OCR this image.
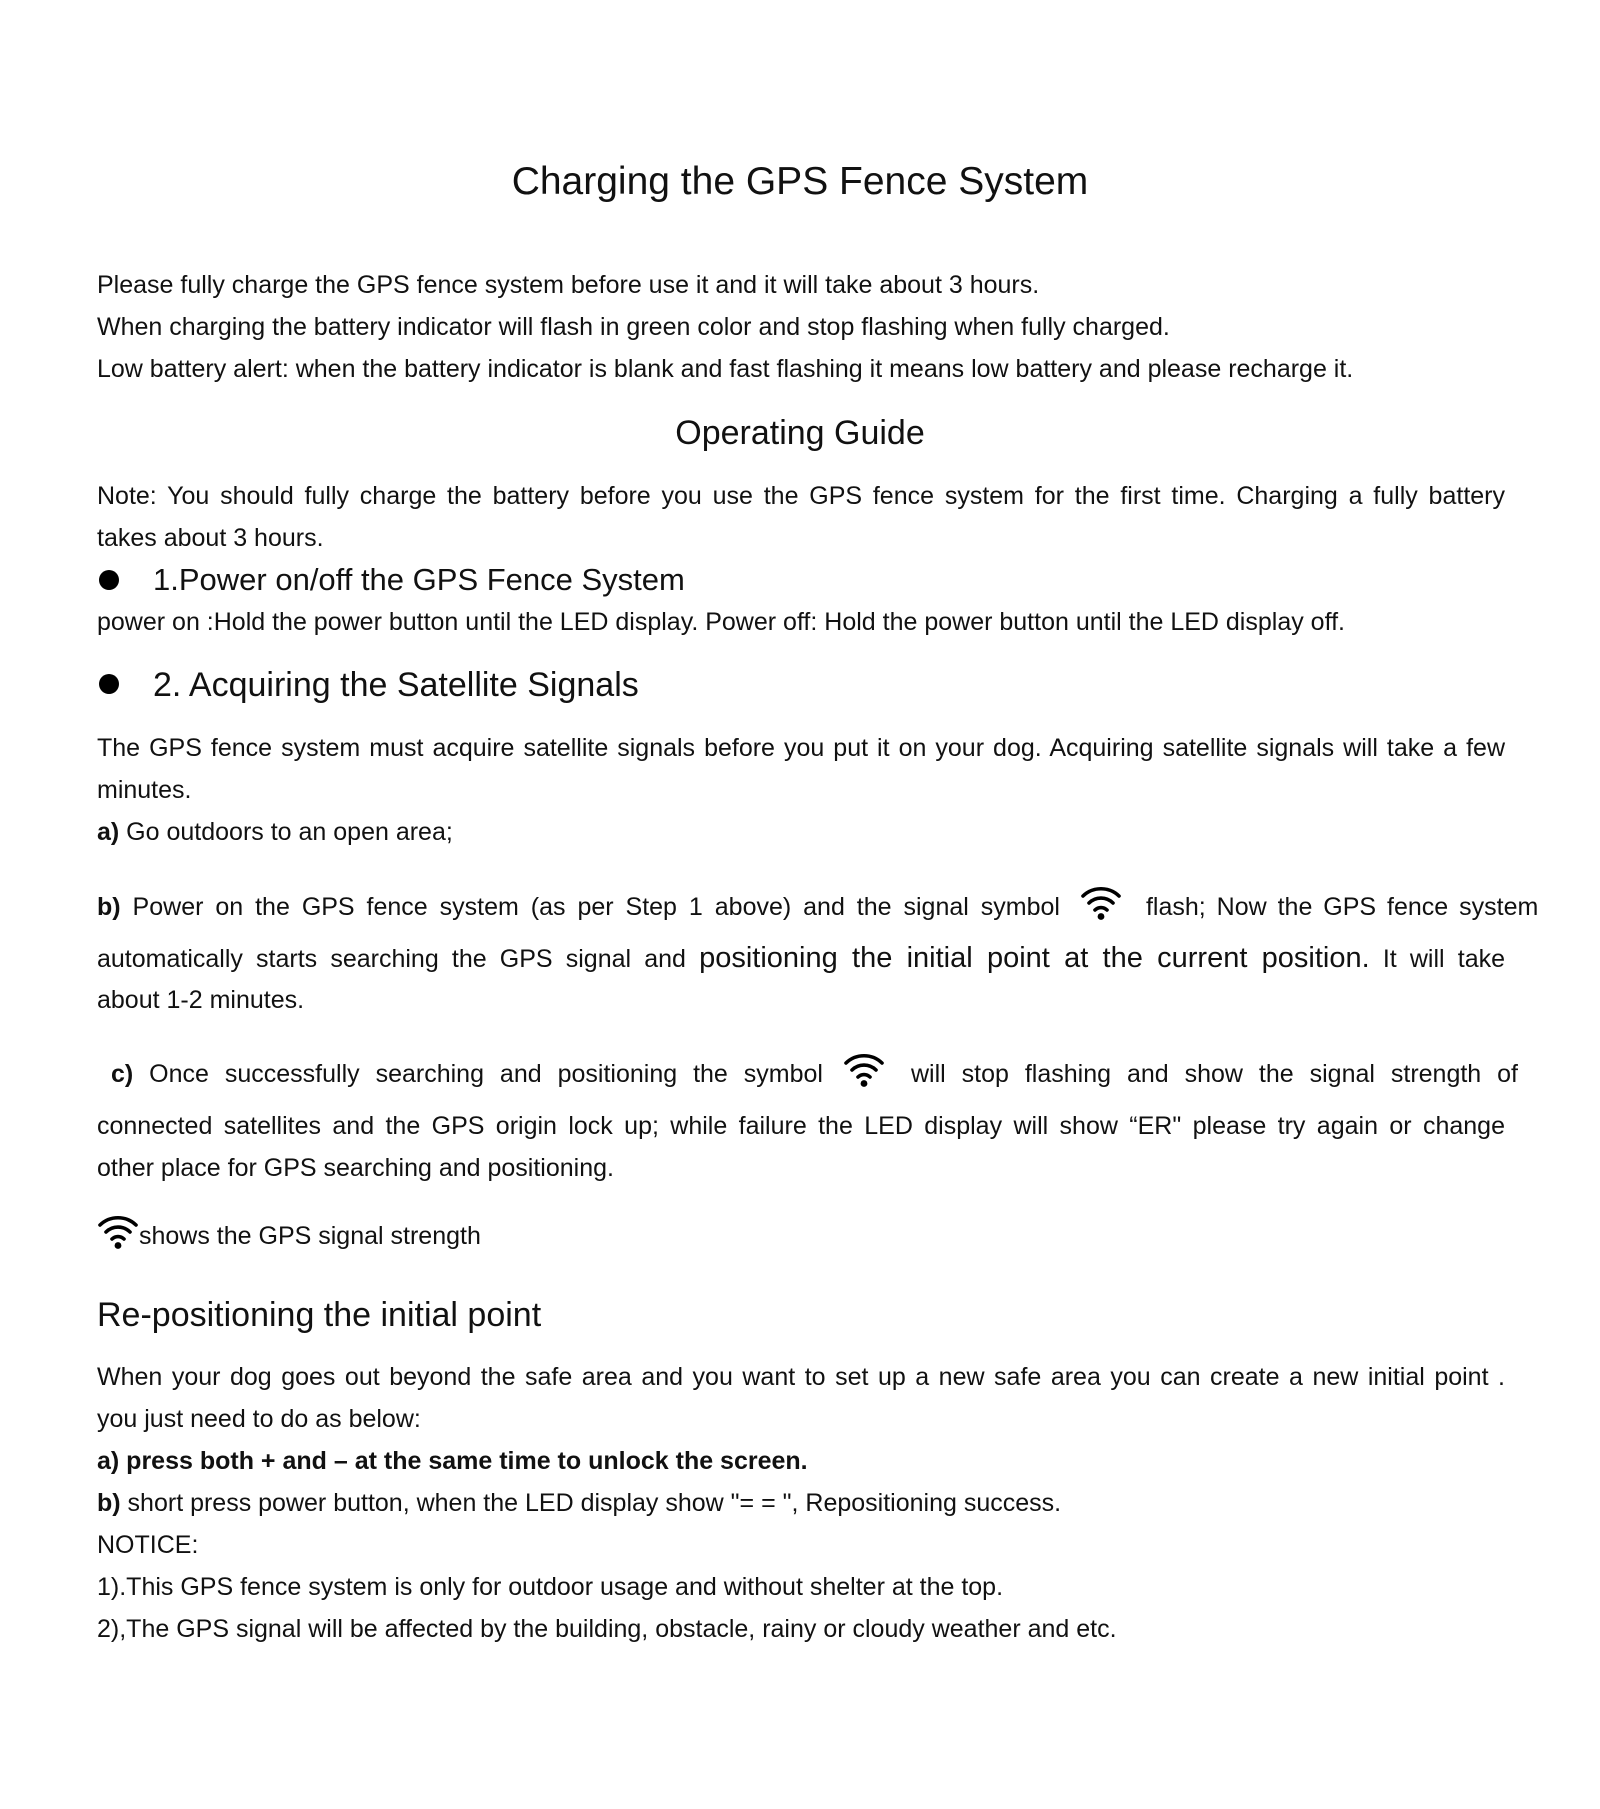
Charging the GPS Fence System
Please fully charge the GPS fence system before use it and it will take about 3 hours.
When charging the battery indicator will flash in green color and stop flashing when fully charged.
Low battery alert: when the battery indicator is blank and fast flashing it means low battery and please recharge it.
Operating Guide
Note: You should fully charge the battery before you use the GPS fence system for the first time. Charging a fully battery
takes about 3 hours.
1.Power on/off the GPS Fence System
power on :Hold the power button until the LED display. Power off: Hold the power button until the LED display off.
2. Acquiring the Satellite Signals
The GPS fence system must acquire satellite signals before you put it on your dog. Acquiring satellite signals will take a few
minutes.
a) Go outdoors to an open area;
b) Power on the GPS fence system (as per Step 1 above) and the signal symbol	flash; Now the GPS fence system
automatically starts searching the GPS signal and positioning the initial point at the current position. It will take
about 1-2 minutes.
c) Once successfully searching and positioning the symbol	will stop flashing and show the signal strength of
connected satellites and the GPS origin lock up; while failure the LED display will show “ER" please try again or change
other place for GPS searching and positioning.
shows the GPS signal strength
Re-positioning the initial point
When your dog goes out beyond the safe area and you want to set up a new safe area you can create a new initial point .
you just need to do as below:
a) press both + and – at the same time to unlock the screen.
b) short press power button, when the LED display show "= = ", Repositioning success.
NOTICE:
1).This GPS fence system is only for outdoor usage and without shelter at the top.
2),The GPS signal will be affected by the building, obstacle, rainy or cloudy weather and etc.
